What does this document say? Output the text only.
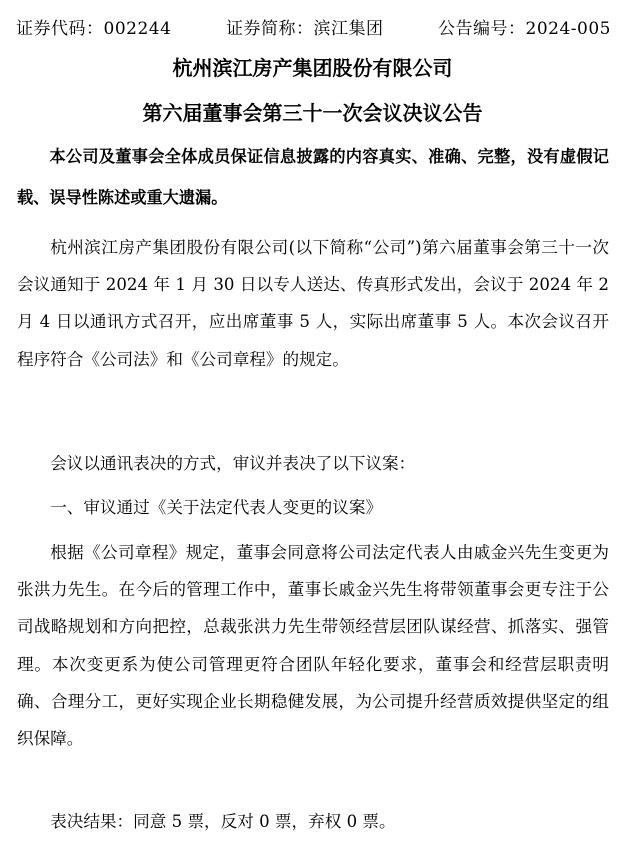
证券代码：002244	证券简称：滨江集团	公告编号：2024-005
杭州滨江房产集团股份有限公司
第六届董事会第三十一次会议决议公告

本公司及董事会全体成员保证信息披露的内容真实、准确、完整，没有虚假记载、误导性陈述或重大遗漏。

杭州滨江房产集团股份有限公司(以下简称“公司”)第六届董事会第三十一次会议通知于 2024 年 1 月 30 日以专人送达、传真形式发出，会议于 2024 年 2 月 4 日以通讯方式召开，应出席董事 5 人，实际出席董事 5 人。本次会议召开程序符合《公司法》和《公司章程》的规定。

会议以通讯表决的方式，审议并表决了以下议案：

一、审议通过《关于法定代表人变更的议案》

根据《公司章程》规定，董事会同意将公司法定代表人由戚金兴先生变更为张洪力先生。在今后的管理工作中，董事长戚金兴先生将带领董事会更专注于公司战略规划和方向把控，总裁张洪力先生带领经营层团队谋经营、抓落实、强管理。本次变更系为使公司管理更符合团队年轻化要求，董事会和经营层职责明确、合理分工，更好实现企业长期稳健发展，为公司提升经营质效提供坚定的组织保障。

表决结果：同意 5 票，反对 0 票，弃权 0 票。
